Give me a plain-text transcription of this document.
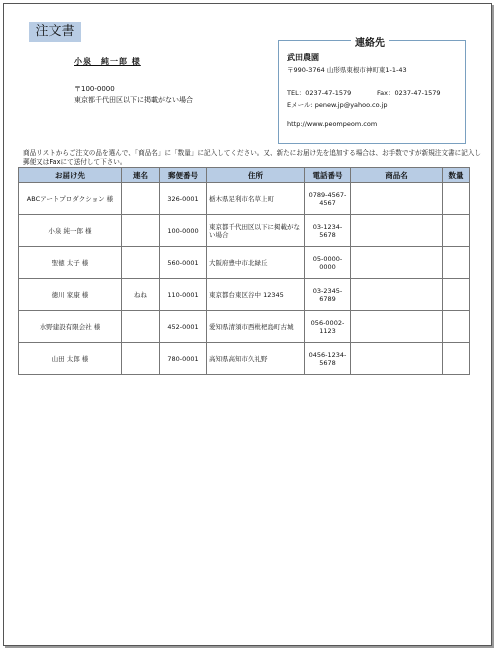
注文書
小泉　純一郎 様
〒100-0000
東京都千代田区以下に掲載がない場合
連絡先
武田農園
〒990-3764 山形県東根市神町東1-1-43
TEL：0237-47-1579	Fax：0237-47-1579
Eメール: penew.jp@yahoo.co.jp
http://www.peompeom.com
商品リストからご注文の品を選んで、「商品名」に「数量」に記入してください。又、新たにお届け先を追加する場合は、お手数ですが新規注文書に記入し郵便又はFaxにて送付して下さい。
お届け先	連名	郵便番号	住所	電話番号	商品名	数量
ABCアートプロダクション 様		326-0001	栃木県足利市名草上町	0789-4567-4567		
小泉 純一郎 様		100-0000	東京都千代田区以下に掲載がない場合	03-1234-5678		
聖徳 太子 様		560-0001	大阪府豊中市北緑丘	05-0000-0000		
徳川 家康 様	ねね	110-0001	東京都台東区谷中 12345	03-2345-6789		
水野建設有限会社 様		452-0001	愛知県清須市西枇杷島町古城	056-0002-1123		
山田 太郎 様		780-0001	高知県高知市久礼野	0456-1234-5678		
